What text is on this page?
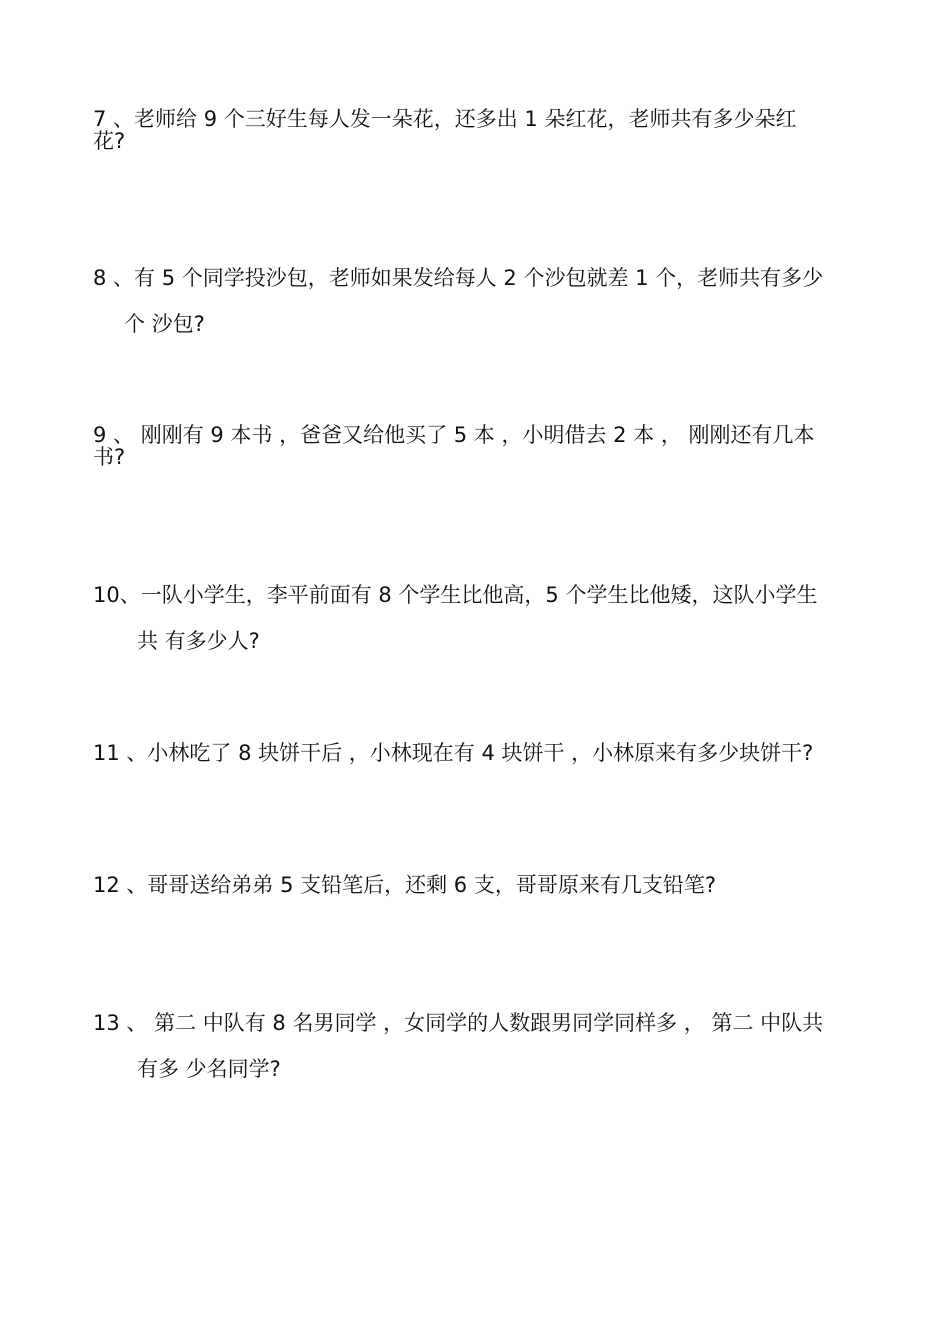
7 、老师给 9 个三好生每人发一朵花，还多出 1 朵红花，老师共有多少朵红
花?
8 、有 5 个同学投沙包，老师如果发给每人 2 个沙包就差 1 个，老师共有多少
个 沙包?
9 、 刚刚有 9 本书 ，爸爸又给他买了 5 本 ，小明借去 2 本 ， 刚刚还有几本
书?
10、一队小学生，李平前面有 8 个学生比他高，5 个学生比他矮，这队小学生
共 有多少人?
11 、小林吃了 8 块饼干后 ，小林现在有 4 块饼干 ，小林原来有多少块饼干?
12 、哥哥送给弟弟 5 支铅笔后，还剩 6 支，哥哥原来有几支铅笔?
13 、 第二 中队有 8 名男同学 ，女同学的人数跟男同学同样多 ， 第二 中队共
有多 少名同学?
